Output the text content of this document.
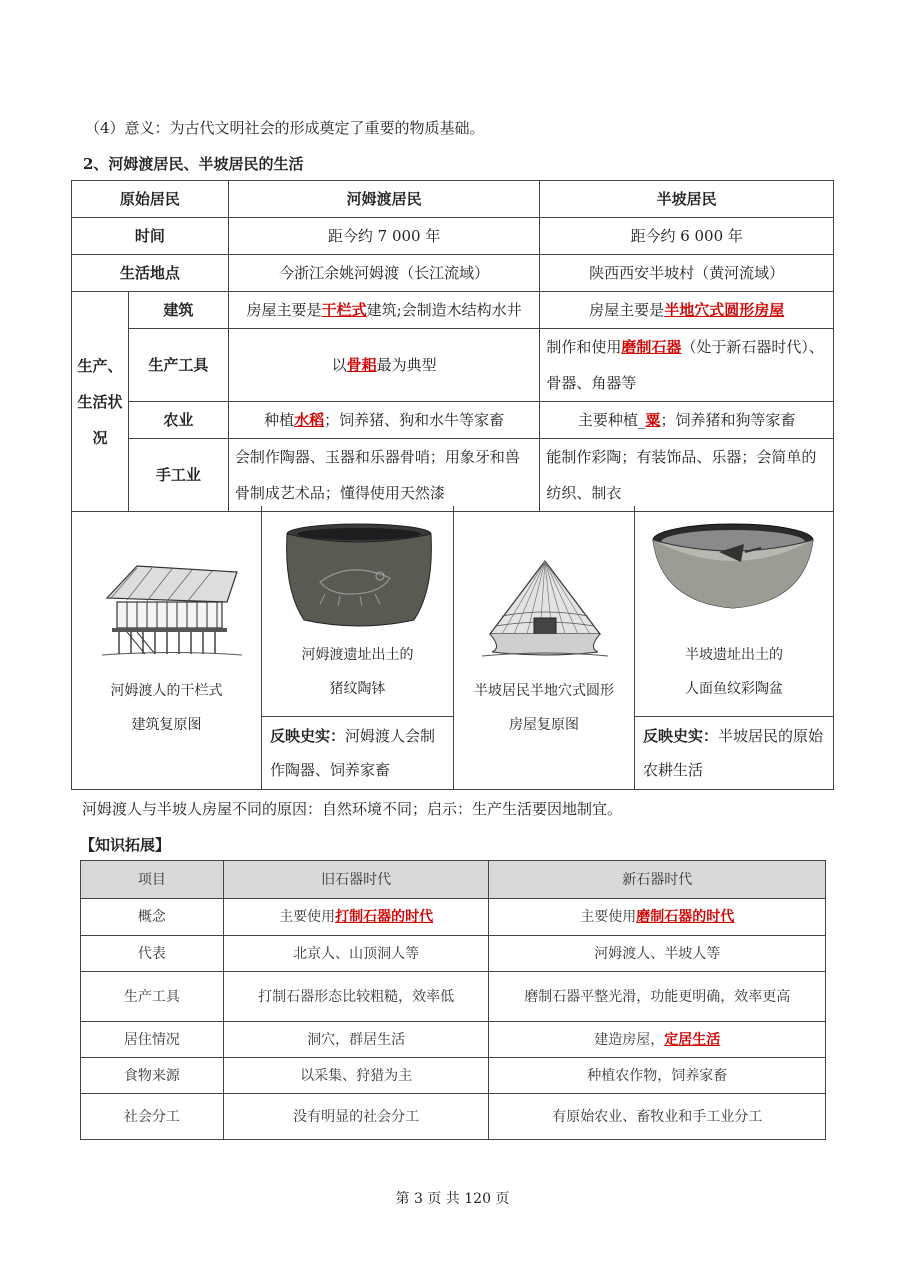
（4）意义：为古代文明社会的形成奠定了重要的物质基础。
2、河姆渡居民、半坡居民的生活
原始居民		河姆渡居民	半坡居民
时间		距今约 7 000 年	距今约 6 000 年
生活地点		今浙江余姚河姆渡（长江流域）	陕西西安半坡村（黄河流域）
生产、生活状况	建筑	房屋主要是干栏式建筑;会制造木结构水井	房屋主要是半地穴式圆形房屋
	生产工具	以骨耜最为典型	制作和使用磨制石器（处于新石器时代）、骨器、角器等
	农业	种植水稻；饲养猪、狗和水牛等家畜	主要种植_粟；饲养猪和狗等家畜
	手工业	会制作陶器、玉器和乐器骨哨；用象牙和兽骨制成艺术品；懂得使用天然漆	能制作彩陶；有装饰品、乐器；会简单的纺织、制衣
河姆渡人的干栏式
建筑复原图
河姆渡遗址出土的
猪纹陶钵
反映史实：河姆渡人会制作陶器、饲养家畜
半坡居民半地穴式圆形
房屋复原图
半坡遗址出土的
人面鱼纹彩陶盆
反映史实：半坡居民的原始农耕生活
河姆渡人与半坡人房屋不同的原因：自然环境不同；启示：生产生活要因地制宜。
【知识拓展】
项目	旧石器时代	新石器时代
概念	主要使用打制石器的时代	主要使用磨制石器的时代
代表	北京人、山顶洞人等	河姆渡人、半坡人等
生产工具	打制石器形态比较粗糙，效率低	磨制石器平整光滑，功能更明确，效率更高
居住情况	洞穴，群居生活	建造房屋，定居生活
食物来源	以采集、狩猎为主	种植农作物，饲养家畜
社会分工	没有明显的社会分工	有原始农业、畜牧业和手工业分工
第 3 页 共 120 页
